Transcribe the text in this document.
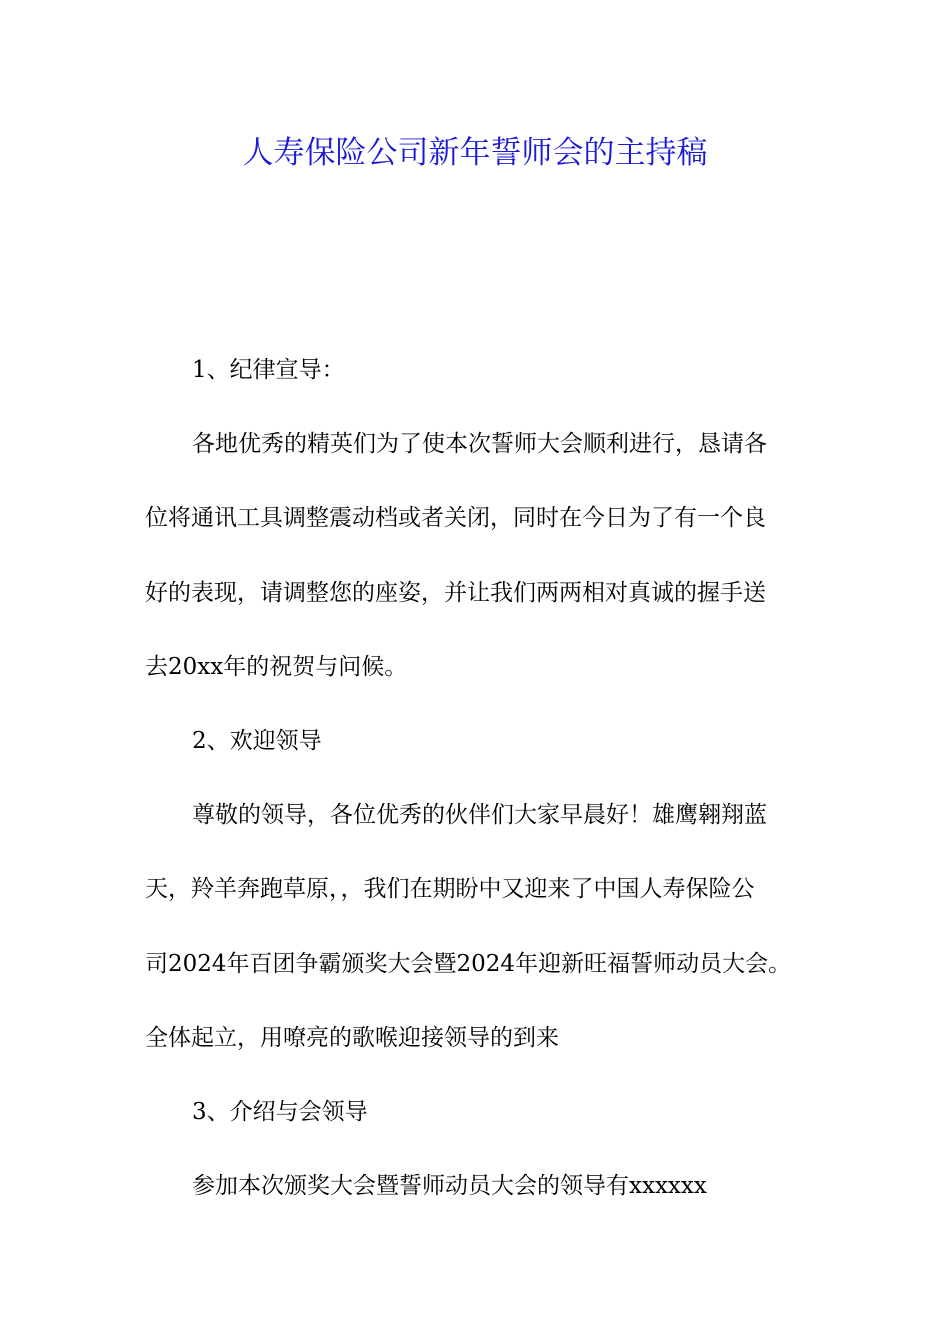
人寿保险公司新年誓师会的主持稿
1、纪律宣导：
各地优秀的精英们为了使本次誓师大会顺利进行，恳请各
位将通讯工具调整震动档或者关闭，同时在今日为了有一个良
好的表现，请调整您的座姿，并让我们两两相对真诚的握手送
去20xx年的祝贺与问候。
2、欢迎领导
尊敬的领导，各位优秀的伙伴们大家早晨好！雄鹰翱翔蓝
天，羚羊奔跑草原，，我们在期盼中又迎来了中国人寿保险公
司2024年百团争霸颁奖大会暨2024年迎新旺福誓师动员大会。
全体起立，用嘹亮的歌喉迎接领导的到来
3、介绍与会领导
参加本次颁奖大会暨誓师动员大会的领导有xxxxxx
